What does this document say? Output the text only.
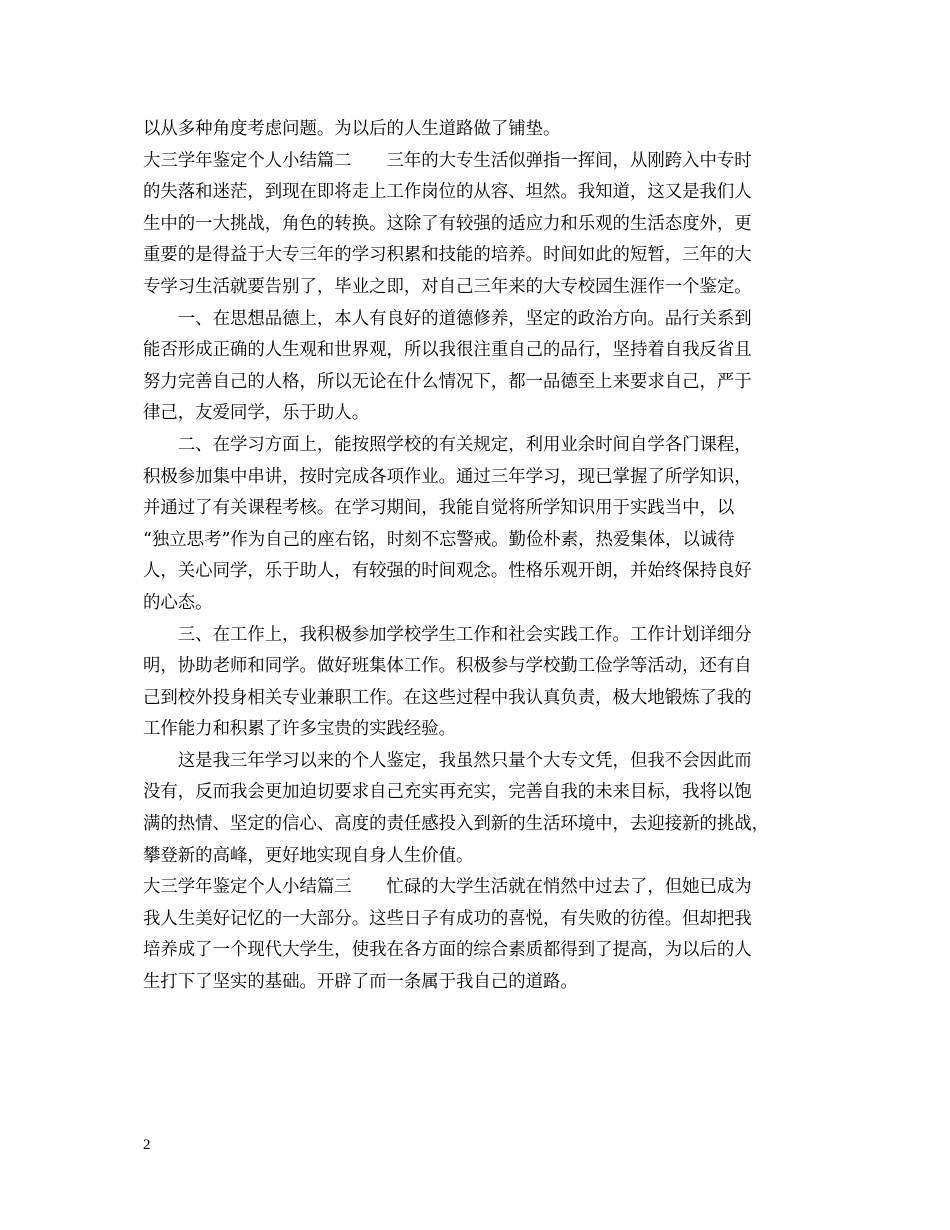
以从多种角度考虑问题。为以后的人生道路做了铺垫。
大三学年鉴定个人小结篇二　　三年的大专生活似弹指一挥间，从刚跨入中专时
的失落和迷茫，到现在即将走上工作岗位的从容、坦然。我知道，这又是我们人
生中的一大挑战，角色的转换。这除了有较强的适应力和乐观的生活态度外，更
重要的是得益于大专三年的学习积累和技能的培养。时间如此的短暂，三年的大
专学习生活就要告别了，毕业之即，对自己三年来的大专校园生涯作一个鉴定。
　　一、在思想品德上，本人有良好的道德修养，坚定的政治方向。品行关系到
能否形成正确的人生观和世界观，所以我很注重自己的品行，坚持着自我反省且
努力完善自己的人格，所以无论在什么情况下，都一品德至上来要求自己，严于
律己，友爱同学，乐于助人。
　　二、在学习方面上，能按照学校的有关规定，利用业余时间自学各门课程，
积极参加集中串讲，按时完成各项作业。通过三年学习，现已掌握了所学知识，
并通过了有关课程考核。在学习期间，我能自觉将所学知识用于实践当中，以
“独立思考”作为自己的座右铭，时刻不忘警戒。勤俭朴素，热爱集体，以诚待
人，关心同学，乐于助人，有较强的时间观念。性格乐观开朗，并始终保持良好
的心态。
　　三、在工作上，我积极参加学校学生工作和社会实践工作。工作计划详细分
明，协助老师和同学。做好班集体工作。积极参与学校勤工俭学等活动，还有自
己到校外投身相关专业兼职工作。在这些过程中我认真负责，极大地锻炼了我的
工作能力和积累了许多宝贵的实践经验。
　　这是我三年学习以来的个人鉴定，我虽然只量个大专文凭，但我不会因此而
没有，反而我会更加迫切要求自己充实再充实，完善自我的未来目标，我将以饱
满的热情、坚定的信心、高度的责任感投入到新的生活环境中，去迎接新的挑战，
攀登新的高峰，更好地实现自身人生价值。
大三学年鉴定个人小结篇三　　忙碌的大学生活就在悄然中过去了，但她已成为
我人生美好记忆的一大部分。这些日子有成功的喜悦，有失败的彷徨。但却把我
培养成了一个现代大学生，使我在各方面的综合素质都得到了提高，为以后的人
生打下了坚实的基础。开辟了而一条属于我自己的道路。
2
